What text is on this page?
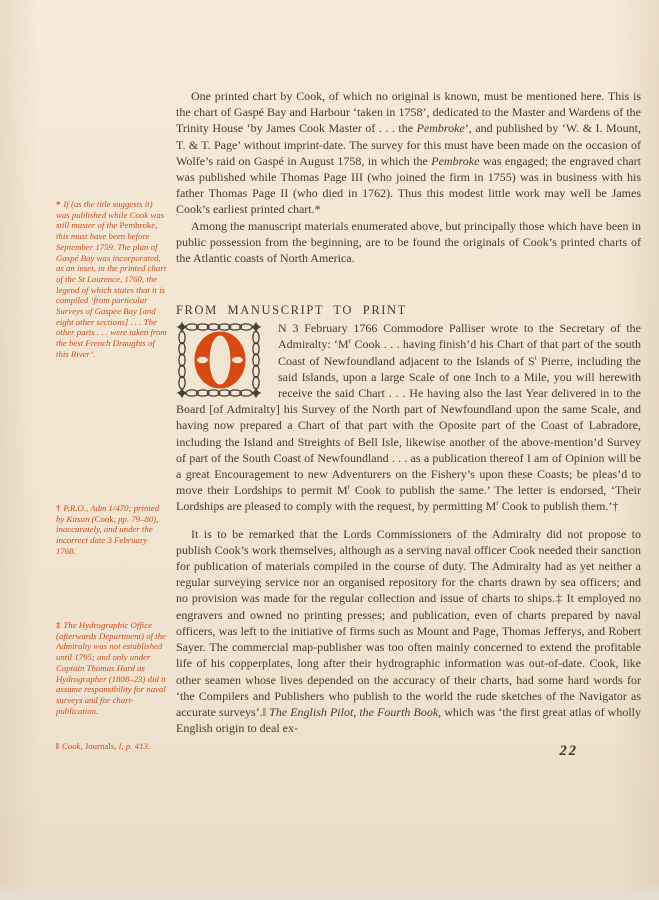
* If (as the title suggests it) was published while Cook was still master of the Pembroke, this must have been before September 1759. The plan of Gaspé Bay was incorporated, as an inset, in the printed chart of the St Laurence, 1760, the legend of which states that it is compiled ‘from particular Surveys of Gaspee Bay [and eight other sections] . . . The other parts . . . were taken from the best French Draughts of this River’.
† P.R.O., Adm 1/470; printed by Kitson (Cook, pp. 79–80), inaccurately, and under the incorrect date 3 February 1768.
‡ The Hydrographic Office (afterwards Department) of the Admiralty was not established until 1795; and only under Captain Thomas Hurd as Hydrographer (1808–23) did it assume responsibility for naval surveys and for chart-publication.
‖ Cook, Journals, I, p. 413.

One printed chart by Cook, of which no original is known, must be mentioned here. This is the chart of Gaspé Bay and Harbour ‘taken in 1758’, dedicated to the Master and Wardens of the Trinity House ‘by James Cook Master of . . . the Pembroke’, and published by ‘W. & I. Mount, T. & T. Page’ without imprint-date. The survey for this must have been made on the occasion of Wolfe’s raid on Gaspé in August 1758, in which the Pembroke was engaged; the engraved chart was published while Thomas Page III (who joined the firm in 1755) was in business with his father Thomas Page II (who died in 1762). Thus this modest little work may well be James Cook’s earliest printed chart.*

Among the manuscript materials enumerated above, but principally those which have been in public possession from the beginning, are to be found the originals of Cook’s printed charts of the Atlantic coasts of North America.

FROM MANUSCRIPT TO PRINT

N 3 February 1766 Commodore Palliser wrote to the Secretary of the Admiralty: ‘$M^r$ Cook . . . having finish’d his Chart of that part of the south Coast of Newfoundland adjacent to the Islands of $S^t$ Pierre, including the said Islands, upon a large Scale of one Inch to a Mile, you will herewith receive the said Chart . . . He having also the last Year delivered in to the Board [of Admiralty] his Survey of the North part of Newfoundland upon the same Scale, and having now prepared a Chart of that part with the Oposite part of the Coast of Labradore, including the Island and Streights of Bell Isle, likewise another of the above-mention’d Survey of part of the South Coast of Newfoundland . . . as a publication thereof I am of Opinion will be a great Encouragement to new Adventurers on the Fishery’s upon these Coasts; be pleas’d to move their Lordships to permit $M^r$ Cook to publish the same.’ The letter is endorsed, ‘Their Lordships are pleased to comply with the request, by permitting $M^r$ Cook to publish them.’†

It is to be remarked that the Lords Commissioners of the Admiralty did not propose to publish Cook’s work themselves, although as a serving naval officer Cook needed their sanction for publication of materials compiled in the course of duty. The Admiralty had as yet neither a regular surveying service nor an organised repository for the charts drawn by sea officers; and no provision was made for the regular collection and issue of charts to ships.‡ It employed no engravers and owned no printing presses; and publication, even of charts prepared by naval officers, was left to the initiative of firms such as Mount and Page, Thomas Jefferys, and Robert Sayer. The commercial map-publisher was too often mainly concerned to extend the profitable life of his copperplates, long after their hydrographic information was out-of-date. Cook, like other seamen whose lives depended on the accuracy of their charts, had some hard words for ‘the Compilers and Publishers who publish to the world the rude sketches of the Navigator as accurate surveys’.‖ The English Pilot, the Fourth Book, which was ‘the first great atlas of wholly English origin to deal ex-

22
